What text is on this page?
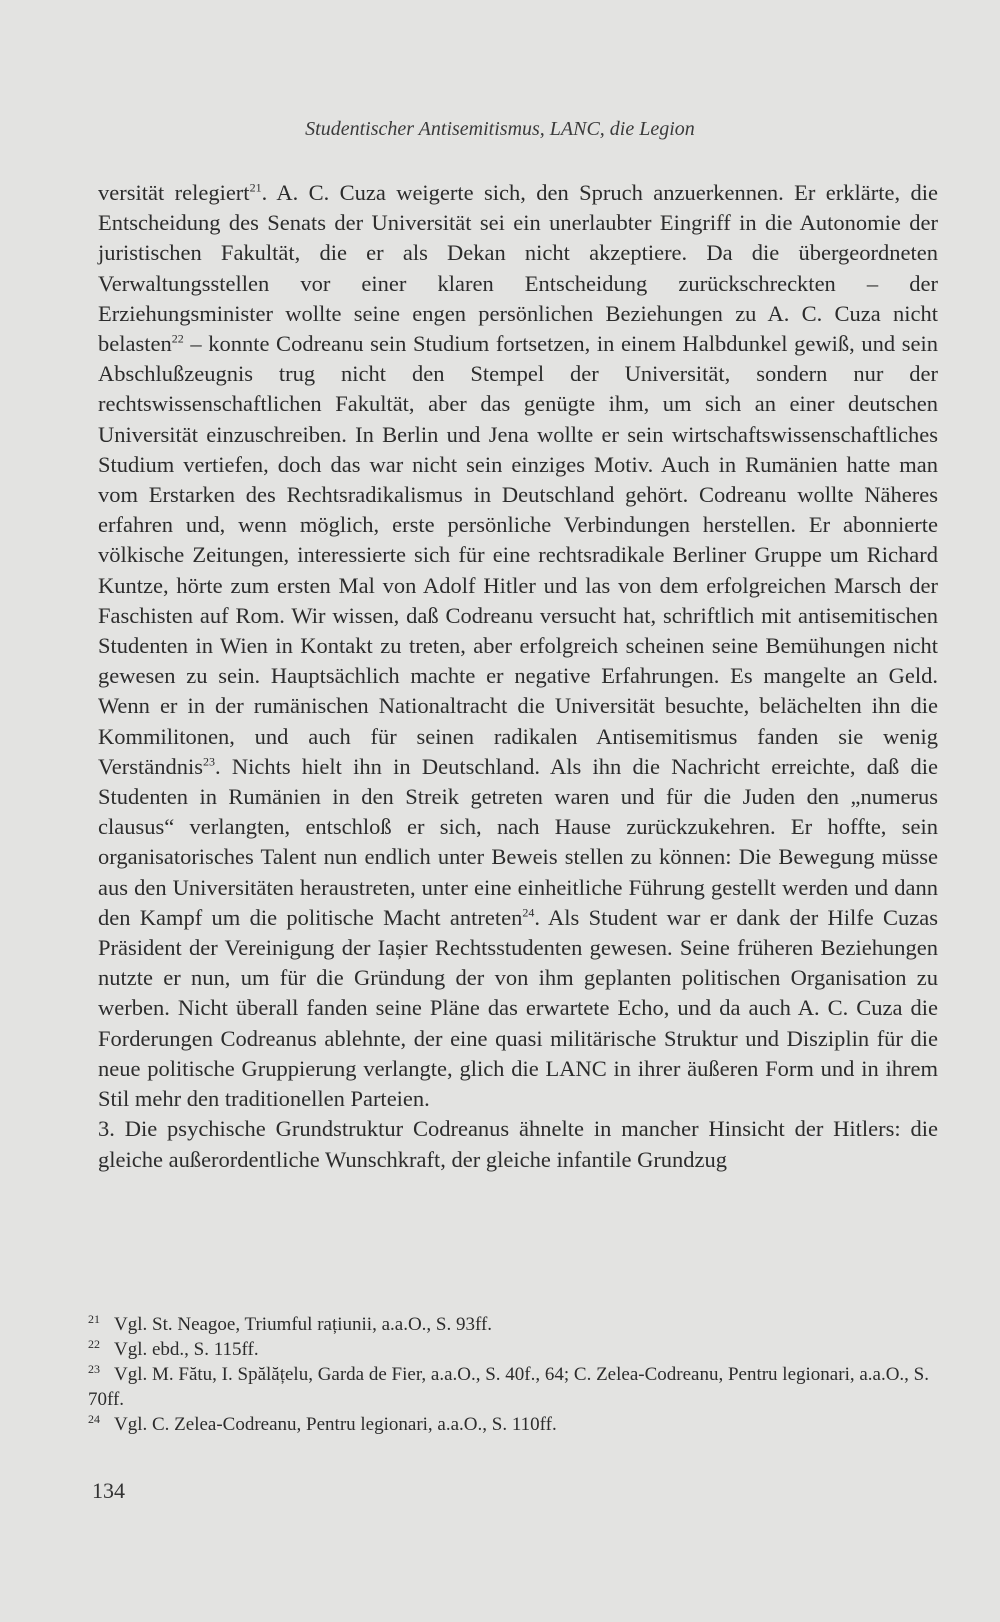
Studentischer Antisemitismus, LANC, die Legion

versität relegiert$^{21}$. A. C. Cuza weigerte sich, den Spruch anzuerkennen. Er erklärte, die Entscheidung des Senats der Universität sei ein unerlaubter Eingriff in die Autonomie der juristischen Fakultät, die er als Dekan nicht akzeptiere. Da die übergeordneten Verwaltungsstellen vor einer klaren Entscheidung zurückschreckten – der Erziehungsminister wollte seine engen persönlichen Beziehungen zu A. C. Cuza nicht belasten$^{22}$ – konnte Codreanu sein Studium fortsetzen, in einem Halbdunkel gewiß, und sein Abschlußzeugnis trug nicht den Stempel der Universität, sondern nur der rechtswissenschaftlichen Fakultät, aber das genügte ihm, um sich an einer deutschen Universität einzuschreiben. In Berlin und Jena wollte er sein wirtschaftswissenschaftliches Studium vertiefen, doch das war nicht sein einziges Motiv. Auch in Rumänien hatte man vom Erstarken des Rechtsradikalismus in Deutschland gehört. Codreanu wollte Näheres erfahren und, wenn möglich, erste persönliche Verbindungen herstellen. Er abonnierte völkische Zeitungen, interessierte sich für eine rechtsradikale Berliner Gruppe um Richard Kuntze, hörte zum ersten Mal von Adolf Hitler und las von dem erfolgreichen Marsch der Faschisten auf Rom. Wir wissen, daß Codreanu versucht hat, schriftlich mit antisemitischen Studenten in Wien in Kontakt zu treten, aber erfolgreich scheinen seine Bemühungen nicht gewesen zu sein. Hauptsächlich machte er negative Erfahrungen. Es mangelte an Geld. Wenn er in der rumänischen Nationaltracht die Universität besuchte, belächelten ihn die Kommilitonen, und auch für seinen radikalen Antisemitismus fanden sie wenig Verständnis$^{23}$. Nichts hielt ihn in Deutschland. Als ihn die Nachricht erreichte, daß die Studenten in Rumänien in den Streik getreten waren und für die Juden den „numerus clausus“ verlangten, entschloß er sich, nach Hause zurückzukehren. Er hoffte, sein organisatorisches Talent nun endlich unter Beweis stellen zu können: Die Bewegung müsse aus den Universitäten heraustreten, unter eine einheitliche Führung gestellt werden und dann den Kampf um die politische Macht antreten$^{24}$. Als Student war er dank der Hilfe Cuzas Präsident der Vereinigung der Iașier Rechtsstudenten gewesen. Seine früheren Beziehungen nutzte er nun, um für die Gründung der von ihm geplanten politischen Organisation zu werben. Nicht überall fanden seine Pläne das erwartete Echo, und da auch A. C. Cuza die Forderungen Codreanus ablehnte, der eine quasi militärische Struktur und Disziplin für die neue politische Gruppierung verlangte, glich die LANC in ihrer äußeren Form und in ihrem Stil mehr den traditionellen Parteien.

3. Die psychische Grundstruktur Codreanus ähnelte in mancher Hinsicht der Hitlers: die gleiche außerordentliche Wunschkraft, der gleiche infantile Grundzug

$^{21}$ Vgl. St. Neagoe, Triumful rațiunii, a.a.O., S. 93ff.

$^{22}$ Vgl. ebd., S. 115ff.

$^{23}$ Vgl. M. Fătu, I. Spălățelu, Garda de Fier, a.a.O., S. 40f., 64; C. Zelea-Codreanu, Pentru legionari, a.a.O., S. 70ff.

$^{24}$ Vgl. C. Zelea-Codreanu, Pentru legionari, a.a.O., S. 110ff.

134
